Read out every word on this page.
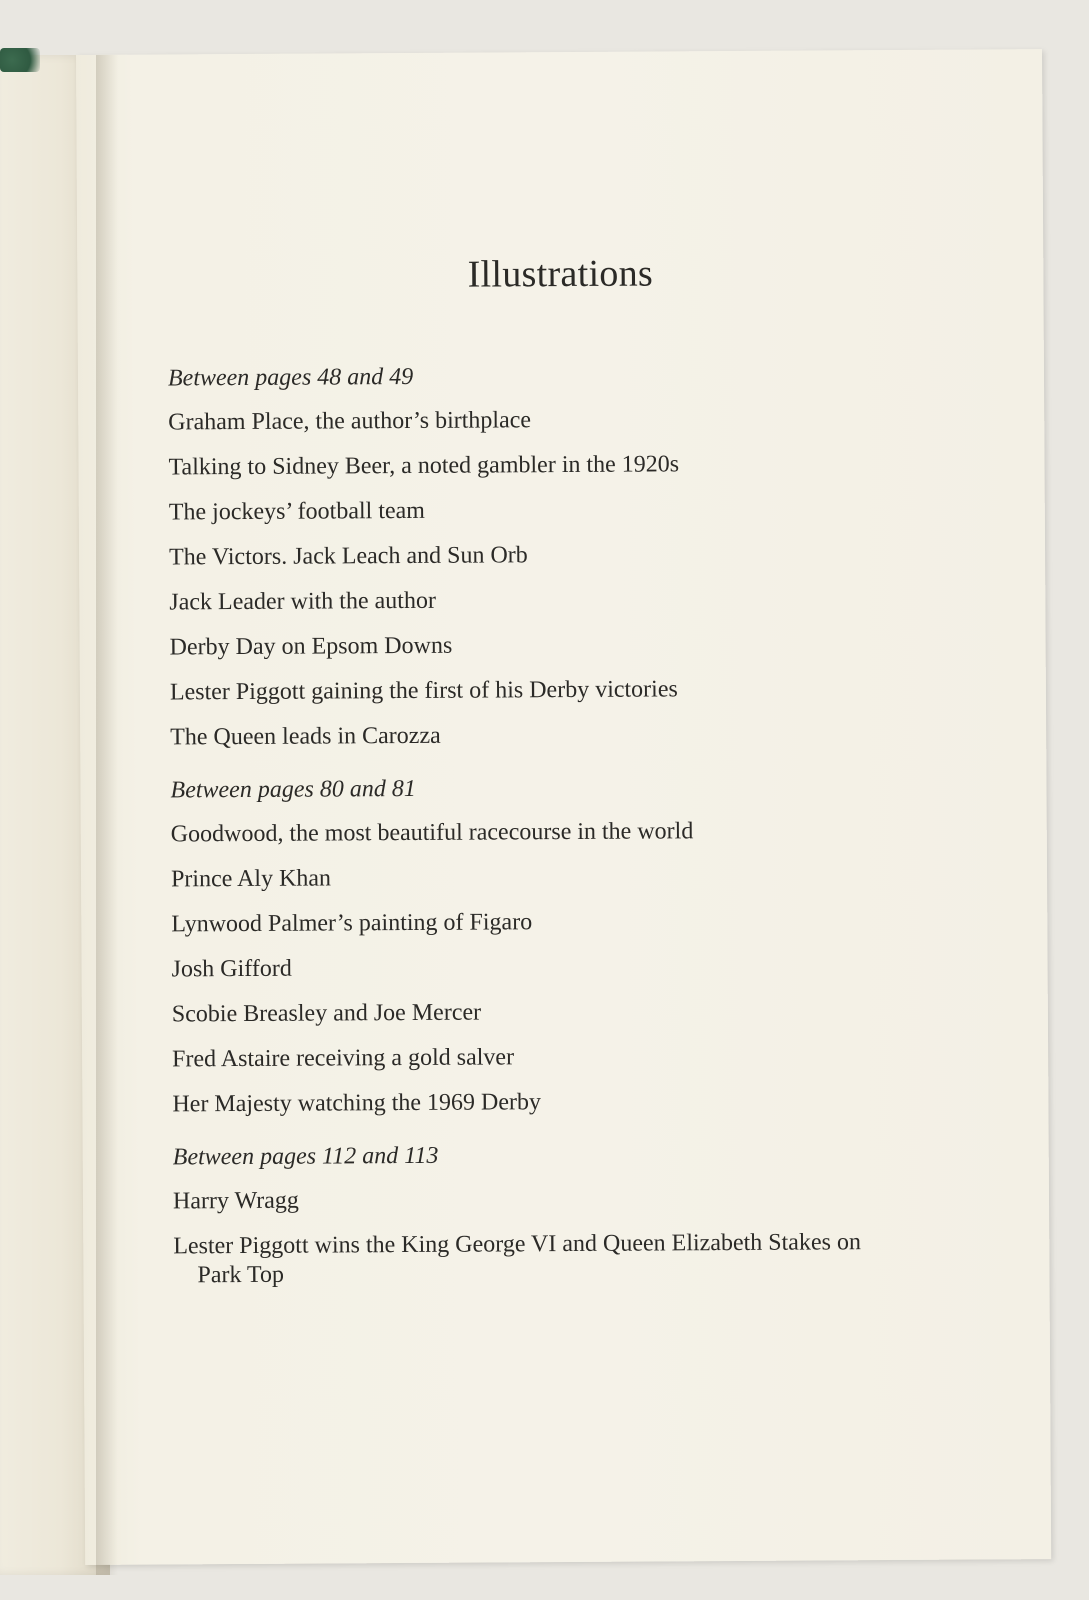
Illustrations
Between pages 48 and 49
Graham Place, the author’s birthplace
Talking to Sidney Beer, a noted gambler in the 1920s
The jockeys’ football team
The Victors. Jack Leach and Sun Orb
Jack Leader with the author
Derby Day on Epsom Downs
Lester Piggott gaining the first of his Derby victories
The Queen leads in Carozza
Between pages 80 and 81
Goodwood, the most beautiful racecourse in the world
Prince Aly Khan
Lynwood Palmer’s painting of Figaro
Josh Gifford
Scobie Breasley and Joe Mercer
Fred Astaire receiving a gold salver
Her Majesty watching the 1969 Derby
Between pages 112 and 113
Harry Wragg
Lester Piggott wins the King George VI and Queen Elizabeth Stakes on Park Top
